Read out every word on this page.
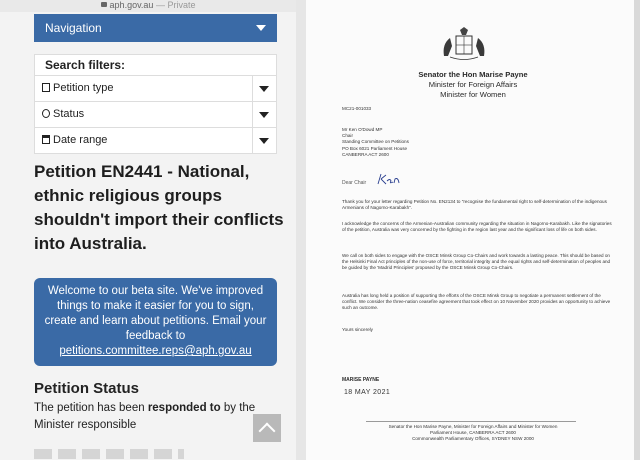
aph.gov.au — Private
Navigation
Search filters:
Petition type
Status
Date range
Petition EN2441 - National, ethnic religious groups shouldn't import their conflicts into Australia.
Welcome to our beta site. We've improved things to make it easier for you to sign, create and learn about petitions. Email your feedback to
petitions.committee.reps@aph.gov.au
Petition Status
The petition has been responded to by the Minister responsible
Senator the Hon Marise Payne
Minister for Foreign Affairs
Minister for Women
MC21-001033
Mr Ken O'Dowd MP
Chair
Standing Committee on Petitions
PO Box 6021 Parliament House
CANBERRA ACT 2600
Dear Chair
Thank you for your letter regarding Petition No. EN2134 to "recognise the fundamental right to self-determination of the indigenous Armenians of Nagorno-Karabakh".
I acknowledge the concerns of the Armenian-Australian community regarding the situation in Nagorno-Karabakh. Like the signatories of the petition, Australia was very concerned by the fighting in the region last year and the significant loss of life on both sides.
We call on both sides to engage with the OSCE Minsk Group Co-Chairs and work towards a lasting peace. This should be based on the Helsinki Final Act principles of the non-use of force, territorial integrity and the equal rights and self-determination of peoples and be guided by the 'Madrid Principles' proposed by the OSCE Minsk Group Co-Chairs.
Australia has long held a position of supporting the efforts of the OSCE Minsk Group to negotiate a permanent settlement of the conflict. We consider the three-nation ceasefire agreement that took effect on 10 November 2020 provides an opportunity to achieve such an outcome.
Yours sincerely
MARISE PAYNE
18 MAY 2021
Senator the Hon Marise Payne, Minister for Foreign Affairs and Minister for Women
Parliament House, CANBERRA ACT 2600
Commonwealth Parliamentary Offices, SYDNEY NSW 2000
